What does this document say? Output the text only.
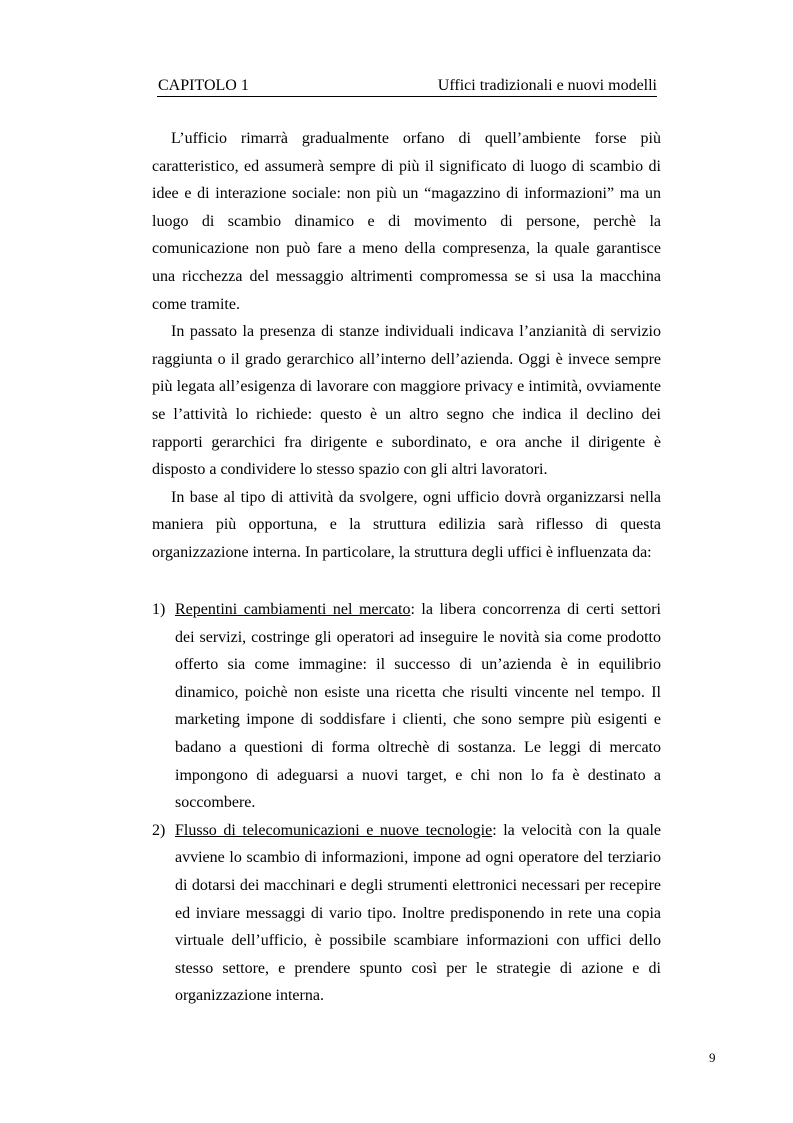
CAPITOLO 1	Uffici tradizionali e nuovi modelli

L’ufficio rimarrà gradualmente orfano di quell’ambiente forse più caratteristico, ed assumerà sempre di più il significato di luogo di scambio di idee e di interazione sociale: non più un “magazzino di informazioni” ma un luogo di scambio dinamico e di movimento di persone, perchè la comunicazione non può fare a meno della compresenza, la quale garantisce una ricchezza del messaggio altrimenti compromessa se si usa la macchina come tramite.

In passato la presenza di stanze individuali indicava l’anzianità di servizio raggiunta o il grado gerarchico all’interno dell’azienda. Oggi è invece sempre più legata all’esigenza di lavorare con maggiore privacy e intimità, ovviamente se l’attività lo richiede: questo è un altro segno che indica il declino dei rapporti gerarchici fra dirigente e subordinato, e ora anche il dirigente è disposto a condividere lo stesso spazio con gli altri lavoratori.

In base al tipo di attività da svolgere, ogni ufficio dovrà organizzarsi nella maniera più opportuna, e la struttura edilizia sarà riflesso di questa organizzazione interna. In particolare, la struttura degli uffici è influenzata da:

1) Repentini cambiamenti nel mercato: la libera concorrenza di certi settori dei servizi, costringe gli operatori ad inseguire le novità sia come prodotto offerto sia come immagine: il successo di un’azienda è in equilibrio dinamico, poichè non esiste una ricetta che risulti vincente nel tempo. Il marketing impone di soddisfare i clienti, che sono sempre più esigenti e badano a questioni di forma oltrechè di sostanza. Le leggi di mercato impongono di adeguarsi a nuovi target, e chi non lo fa è destinato a soccombere.
2) Flusso di telecomunicazioni e nuove tecnologie: la velocità con la quale avviene lo scambio di informazioni, impone ad ogni operatore del terziario di dotarsi dei macchinari e degli strumenti elettronici necessari per recepire ed inviare messaggi di vario tipo. Inoltre predisponendo in rete una copia virtuale dell’ufficio, è possibile scambiare informazioni con uffici dello stesso settore, e prendere spunto così per le strategie di azione e di organizzazione interna.
9
